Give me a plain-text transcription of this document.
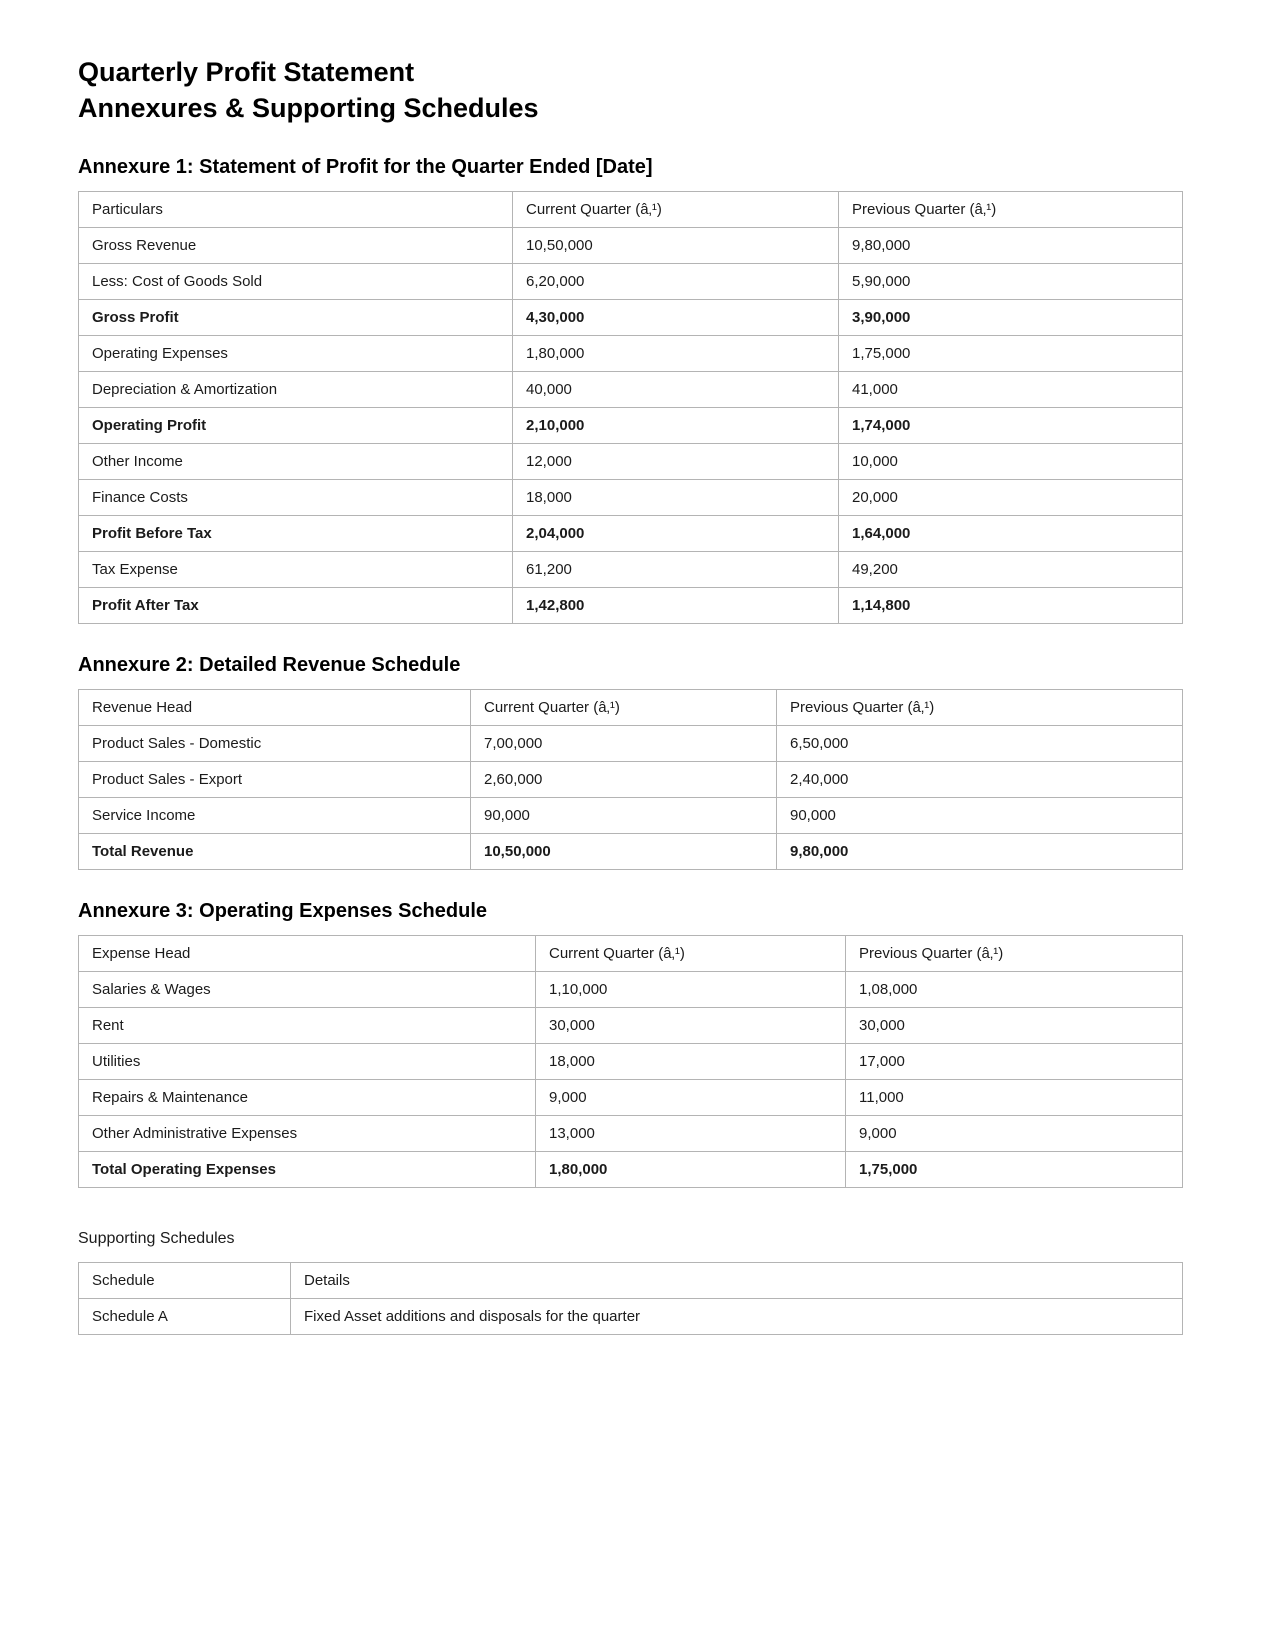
Quarterly Profit Statement
Annexures & Supporting Schedules
Annexure 1: Statement of Profit for the Quarter Ended [Date]
Particulars	Current Quarter (â‚¹)	Previous Quarter (â‚¹)
Gross Revenue	10,50,000	9,80,000
Less: Cost of Goods Sold	6,20,000	5,90,000
Gross Profit	4,30,000	3,90,000
Operating Expenses	1,80,000	1,75,000
Depreciation & Amortization	40,000	41,000
Operating Profit	2,10,000	1,74,000
Other Income	12,000	10,000
Finance Costs	18,000	20,000
Profit Before Tax	2,04,000	1,64,000
Tax Expense	61,200	49,200
Profit After Tax	1,42,800	1,14,800
Annexure 2: Detailed Revenue Schedule
Revenue Head	Current Quarter (â‚¹)	Previous Quarter (â‚¹)
Product Sales - Domestic	7,00,000	6,50,000
Product Sales - Export	2,60,000	2,40,000
Service Income	90,000	90,000
Total Revenue	10,50,000	9,80,000
Annexure 3: Operating Expenses Schedule
Expense Head	Current Quarter (â‚¹)	Previous Quarter (â‚¹)
Salaries & Wages	1,10,000	1,08,000
Rent	30,000	30,000
Utilities	18,000	17,000
Repairs & Maintenance	9,000	11,000
Other Administrative Expenses	13,000	9,000
Total Operating Expenses	1,80,000	1,75,000

Supporting Schedules

Schedule	Details
Schedule A	Fixed Asset additions and disposals for the quarter
